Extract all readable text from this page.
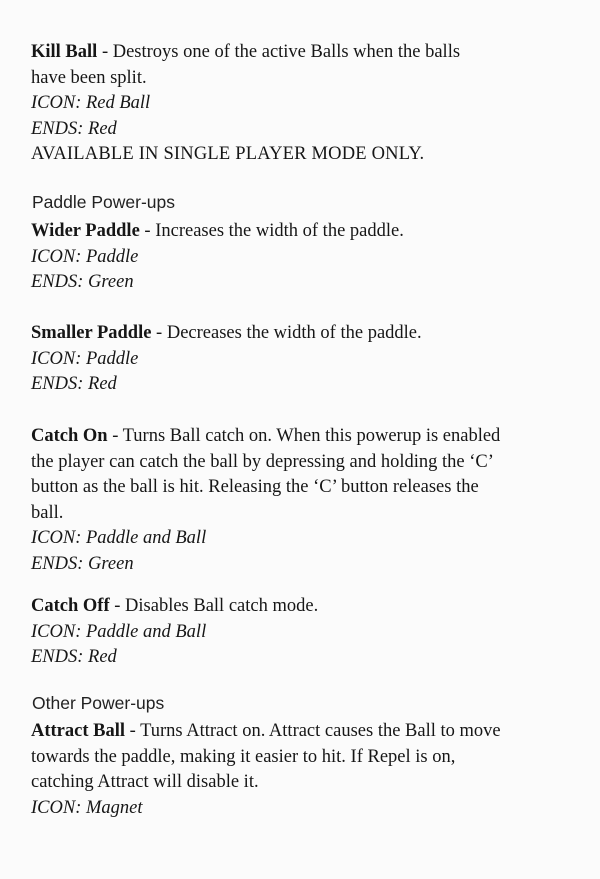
Kill Ball - Destroys one of the active Balls when the balls

have been split.

ICON: Red Ball

ENDS: Red

AVAILABLE IN SINGLE PLAYER MODE ONLY.

Paddle Power-ups

Wider Paddle - Increases the width of the paddle.

ICON: Paddle

ENDS: Green

Smaller Paddle - Decreases the width of the paddle.

ICON: Paddle

ENDS: Red

Catch On - Turns Ball catch on. When this powerup is enabled

the player can catch the ball by depressing and holding the ‘C’

button as the ball is hit. Releasing the ‘C’ button releases the

ball.

ICON: Paddle and Ball

ENDS: Green

Catch Off - Disables Ball catch mode.

ICON: Paddle and Ball

ENDS: Red

Other Power-ups

Attract Ball - Turns Attract on. Attract causes the Ball to move

towards the paddle, making it easier to hit. If Repel is on,

catching Attract will disable it.

ICON: Magnet
